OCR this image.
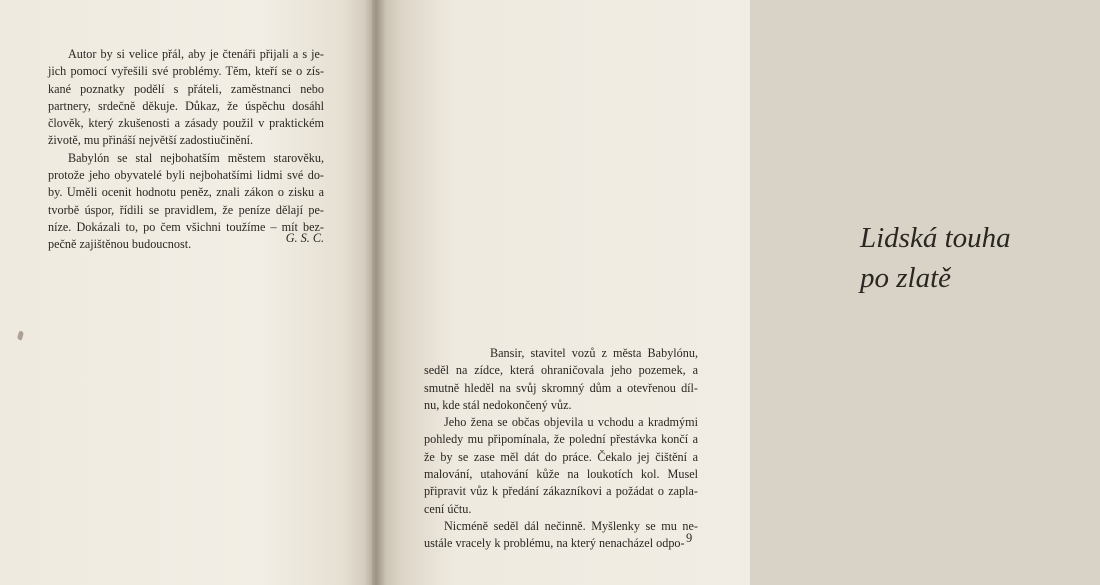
Autor by si velice přál, aby je čtenáři přijali a s je- jich pomocí vyřešili své problémy. Těm, kteří se o zís- kané poznatky podělí s přáteli, zaměstnanci nebo partnery, srdečně děkuje. Důkaz, že úspěchu dosáhl člověk, který zkušenosti a zásady použil v praktickém životě, mu přináší největší zadostiučinění.

Babylón se stal nejbohatším městem starověku, protože jeho obyvatelé byli nejbohatšími lidmi své do- by. Uměli ocenit hodnotu peněz, znali zákon o zisku a tvorbě úspor, řídili se pravidlem, že peníze dělají pe- níze. Dokázali to, po čem všichni toužíme – mít bez- pečně zajištěnou budoucnost.	G. S. C.	Lidská touha
po zlatě

Bansir, stavitel vozů z města Babylónu, seděl na zídce, která ohraničovala jeho pozemek, a smutně hleděl na svůj skromný dům a otevřenou díl- nu, kde stál nedokončený vůz.

Jeho žena se občas objevila u vchodu a kradmými pohledy mu připomínala, že polední přestávka končí a že by se zase měl dát do práce. Čekalo jej čištění a malování, utahování kůže na loukotích kol. Musel připravit vůz k předání zákazníkovi a požádat o zapla- cení účtu.

Nicméně seděl dál nečinně. Myšlenky se mu ne- ustále vracely k problému, na který nenacházel odpo- 9
